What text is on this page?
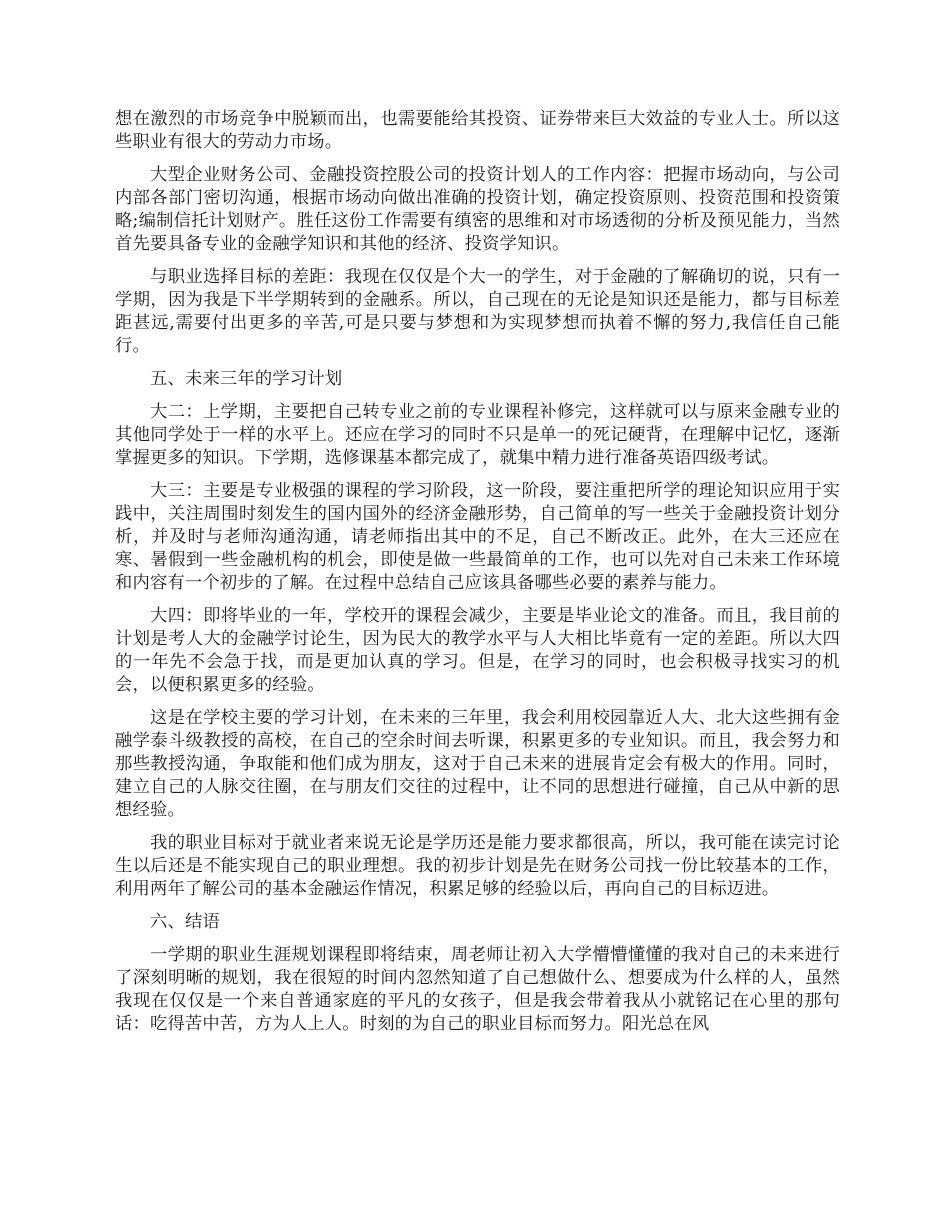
想在激烈的市场竞争中脱颖而出，也需要能给其投资、证券带来巨大效益的专业人士。所以这些职业有很大的劳动力市场。

大型企业财务公司、金融投资控股公司的投资计划人的工作内容：把握市场动向，与公司内部各部门密切沟通，根据市场动向做出准确的投资计划，确定投资原则、投资范围和投资策略;编制信托计划财产。胜任这份工作需要有缜密的思维和对市场透彻的分析及预见能力，当然首先要具备专业的金融学知识和其他的经济、投资学知识。

与职业选择目标的差距：我现在仅仅是个大一的学生，对于金融的了解确切的说，只有一学期，因为我是下半学期转到的金融系。所以，自己现在的无论是知识还是能力，都与目标差距甚远,需要付出更多的辛苦,可是只要与梦想和为实现梦想而执着不懈的努力,我信任自己能行。

五、未来三年的学习计划

大二：上学期，主要把自己转专业之前的专业课程补修完，这样就可以与原来金融专业的其他同学处于一样的水平上。还应在学习的同时不只是单一的死记硬背，在理解中记忆，逐渐掌握更多的知识。下学期，选修课基本都完成了，就集中精力进行准备英语四级考试。

大三：主要是专业极强的课程的学习阶段，这一阶段，要注重把所学的理论知识应用于实践中，关注周围时刻发生的国内国外的经济金融形势，自己简单的写一些关于金融投资计划分析，并及时与老师沟通沟通，请老师指出其中的不足，自己不断改正。此外，在大三还应在寒、暑假到一些金融机构的机会，即使是做一些最简单的工作，也可以先对自己未来工作环境和内容有一个初步的了解。在过程中总结自己应该具备哪些必要的素养与能力。

大四：即将毕业的一年，学校开的课程会减少，主要是毕业论文的准备。而且，我目前的计划是考人大的金融学讨论生，因为民大的教学水平与人大相比毕竟有一定的差距。所以大四的一年先不会急于找，而是更加认真的学习。但是，在学习的同时，也会积极寻找实习的机会，以便积累更多的经验。

这是在学校主要的学习计划，在未来的三年里，我会利用校园靠近人大、北大这些拥有金融学泰斗级教授的高校，在自己的空余时间去听课，积累更多的专业知识。而且，我会努力和那些教授沟通，争取能和他们成为朋友，这对于自己未来的进展肯定会有极大的作用。同时，建立自己的人脉交往圈，在与朋友们交往的过程中，让不同的思想进行碰撞，自己从中新的思想经验。

我的职业目标对于就业者来说无论是学历还是能力要求都很高，所以，我可能在读完讨论生以后还是不能实现自己的职业理想。我的初步计划是先在财务公司找一份比较基本的工作，利用两年了解公司的基本金融运作情况，积累足够的经验以后，再向自己的目标迈进。

六、结语

一学期的职业生涯规划课程即将结束，周老师让初入大学懵懵懂懂的我对自己的未来进行了深刻明晰的规划，我在很短的时间内忽然知道了自己想做什么、想要成为什么样的人，虽然我现在仅仅是一个来自普通家庭的平凡的女孩子，但是我会带着我从小就铭记在心里的那句话：吃得苦中苦，方为人上人。时刻的为自己的职业目标而努力。阳光总在风
